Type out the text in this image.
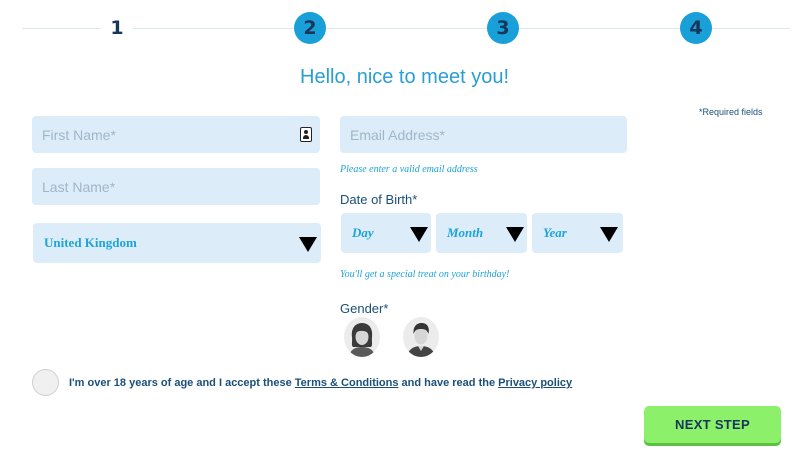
1	2	3	4
Hello, nice to meet you!
*Required fields
First Name*
Last Name*
United Kingdom
Email Address*
Please enter a valid email address
Date of Birth*
Day	Month	Year
You'll get a special treat on your birthday!
Gender*
I'm over 18 years of age and I accept these Terms & Conditions and have read the Privacy policy
NEXT STEP
